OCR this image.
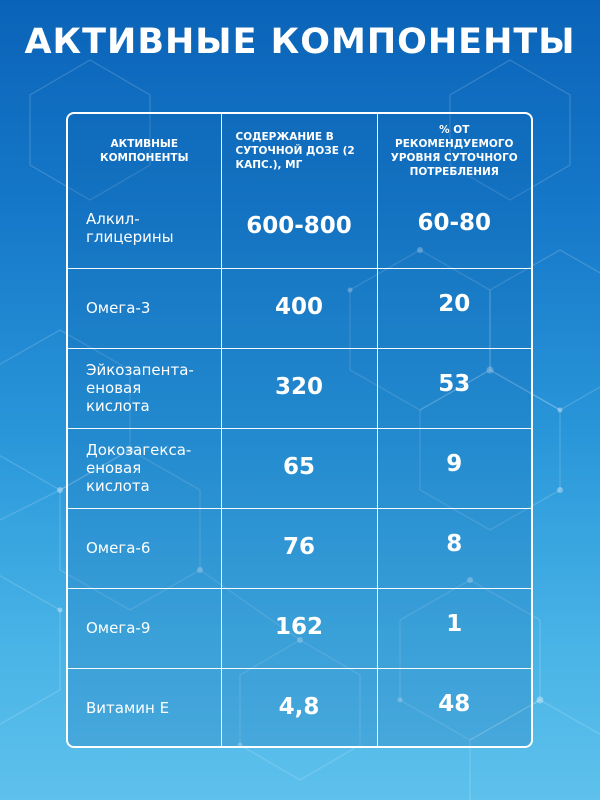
АКТИВНЫЕ КОМПОНЕНТЫ
АКТИВНЫЕ КОМПОНЕНТЫ	СОДЕРЖАНИЕ В СУТОЧНОЙ ДОЗЕ (2 КАПС.), МГ	% ОТ РЕКОМЕНДУЕМОГО УРОВНЯ СУТОЧНОГО ПОТРЕБЛЕНИЯ

Алкил-
глицерины	600-800	60-80

Омега-3	400	20

Эйкозапента-
еновая
кислота	320	53

Докозагекса-
еновая
кислота	65	9

Омега-6	76	8

Омега-9	162	1

Витамин Е	4,8	48
